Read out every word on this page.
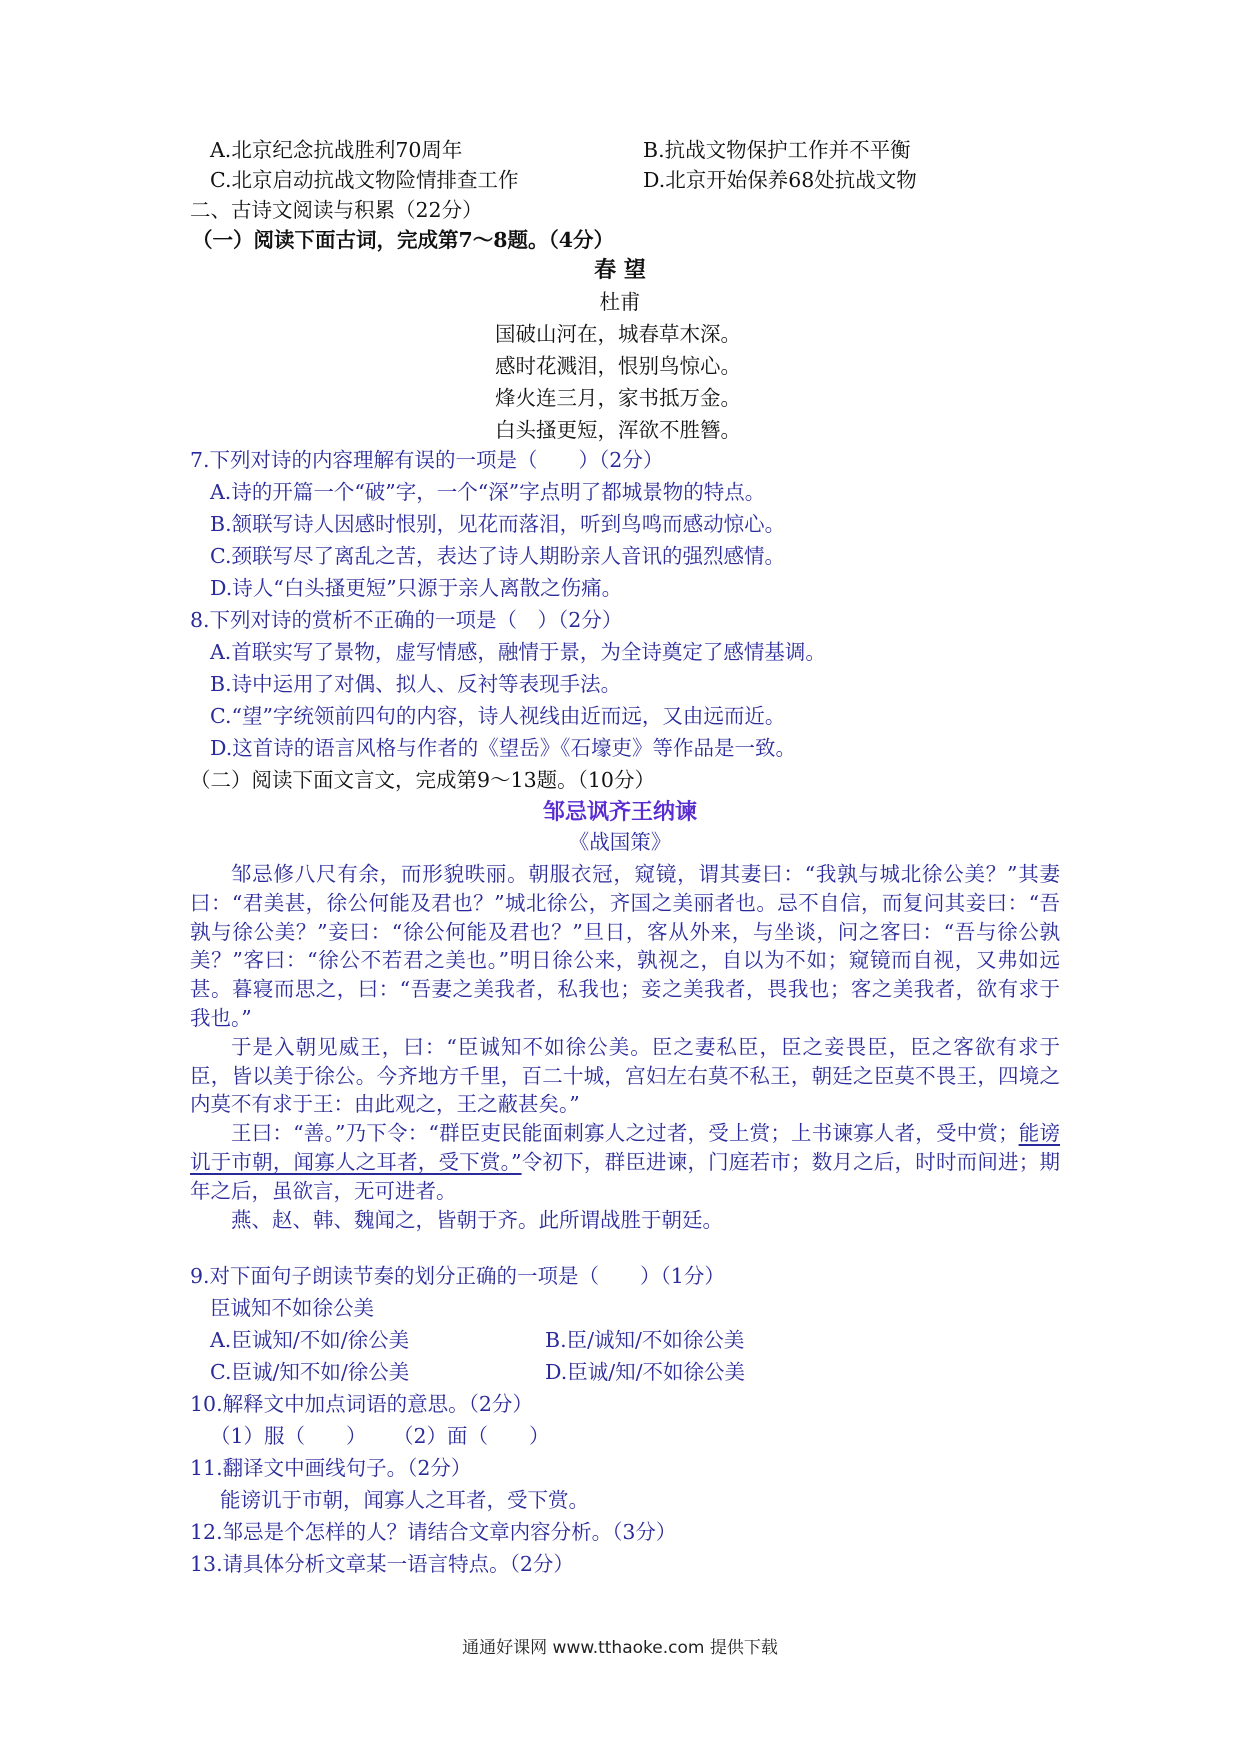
A.北京纪念抗战胜利70周年	B.抗战文物保护工作并不平衡
C.北京启动抗战文物险情排查工作	D.北京开始保养68处抗战文物
二、古诗文阅读与积累（22分）
（一）阅读下面古词，完成第7～8题。（4分）
春 望
杜甫
国破山河在，城春草木深。
感时花溅泪，恨别鸟惊心。
烽火连三月，家书抵万金。
白头搔更短，浑欲不胜簪。
7.下列对诗的内容理解有误的一项是（　　）（2分）
A.诗的开篇一个“破”字，一个“深”字点明了都城景物的特点。
B.颔联写诗人因感时恨别，见花而落泪，听到鸟鸣而感动惊心。
C.颈联写尽了离乱之苦，表达了诗人期盼亲人音讯的强烈感情。
D.诗人“白头搔更短”只源于亲人离散之伤痛。
8.下列对诗的赏析不正确的一项是（　）（2分）
A.首联实写了景物，虚写情感，融情于景，为全诗奠定了感情基调。
B.诗中运用了对偶、拟人、反衬等表现手法。
C.“望”字统领前四句的内容，诗人视线由近而远，又由远而近。
D.这首诗的语言风格与作者的《望岳》《石壕吏》等作品是一致。
（二）阅读下面文言文，完成第9～13题。（10分）
邹忌讽齐王纳谏
《战国策》

邹忌修八尺有余，而形貌昳丽。朝服衣冠，窥镜，谓其妻曰：“我孰与城北徐公美？”其妻曰：“君美甚，徐公何能及君也？”城北徐公，齐国之美丽者也。忌不自信，而复问其妾曰：“吾孰与徐公美？”妾曰：“徐公何能及君也？”旦日，客从外来，与坐谈，问之客曰：“吾与徐公孰美？”客曰：“徐公不若君之美也。”明日徐公来，孰视之，自以为不如；窥镜而自视，又弗如远甚。暮寝而思之，曰：“吾妻之美我者，私我也；妾之美我者，畏我也；客之美我者，欲有求于我也。”

于是入朝见威王，曰：“臣诚知不如徐公美。臣之妻私臣，臣之妾畏臣，臣之客欲有求于臣，皆以美于徐公。今齐地方千里，百二十城，宫妇左右莫不私王，朝廷之臣莫不畏王，四境之内莫不有求于王：由此观之，王之蔽甚矣。”

王曰：“善。”乃下令：“群臣吏民能面刺寡人之过者，受上赏；上书谏寡人者，受中赏；能谤讥于市朝，闻寡人之耳者，受下赏。”令初下，群臣进谏，门庭若市；数月之后，时时而间进；期年之后，虽欲言，无可进者。

燕、赵、韩、魏闻之，皆朝于齐。此所谓战胜于朝廷。

9.对下面句子朗读节奏的划分正确的一项是（　　）（1分）
臣诚知不如徐公美
A.臣诚知/不如/徐公美	B.臣/诚知/不如徐公美
C.臣诚/知不如/徐公美	D.臣诚/知/不如徐公美
10.解释文中加点词语的意思。（2分）
（1）服（　　） （2）面（　　）
11.翻译文中画线句子。（2分）
能谤讥于市朝，闻寡人之耳者，受下赏。
12.邹忌是个怎样的人？请结合文章内容分析。（3分）
13.请具体分析文章某一语言特点。（2分）
通通好课网 www.tthaoke.com 提供下载
